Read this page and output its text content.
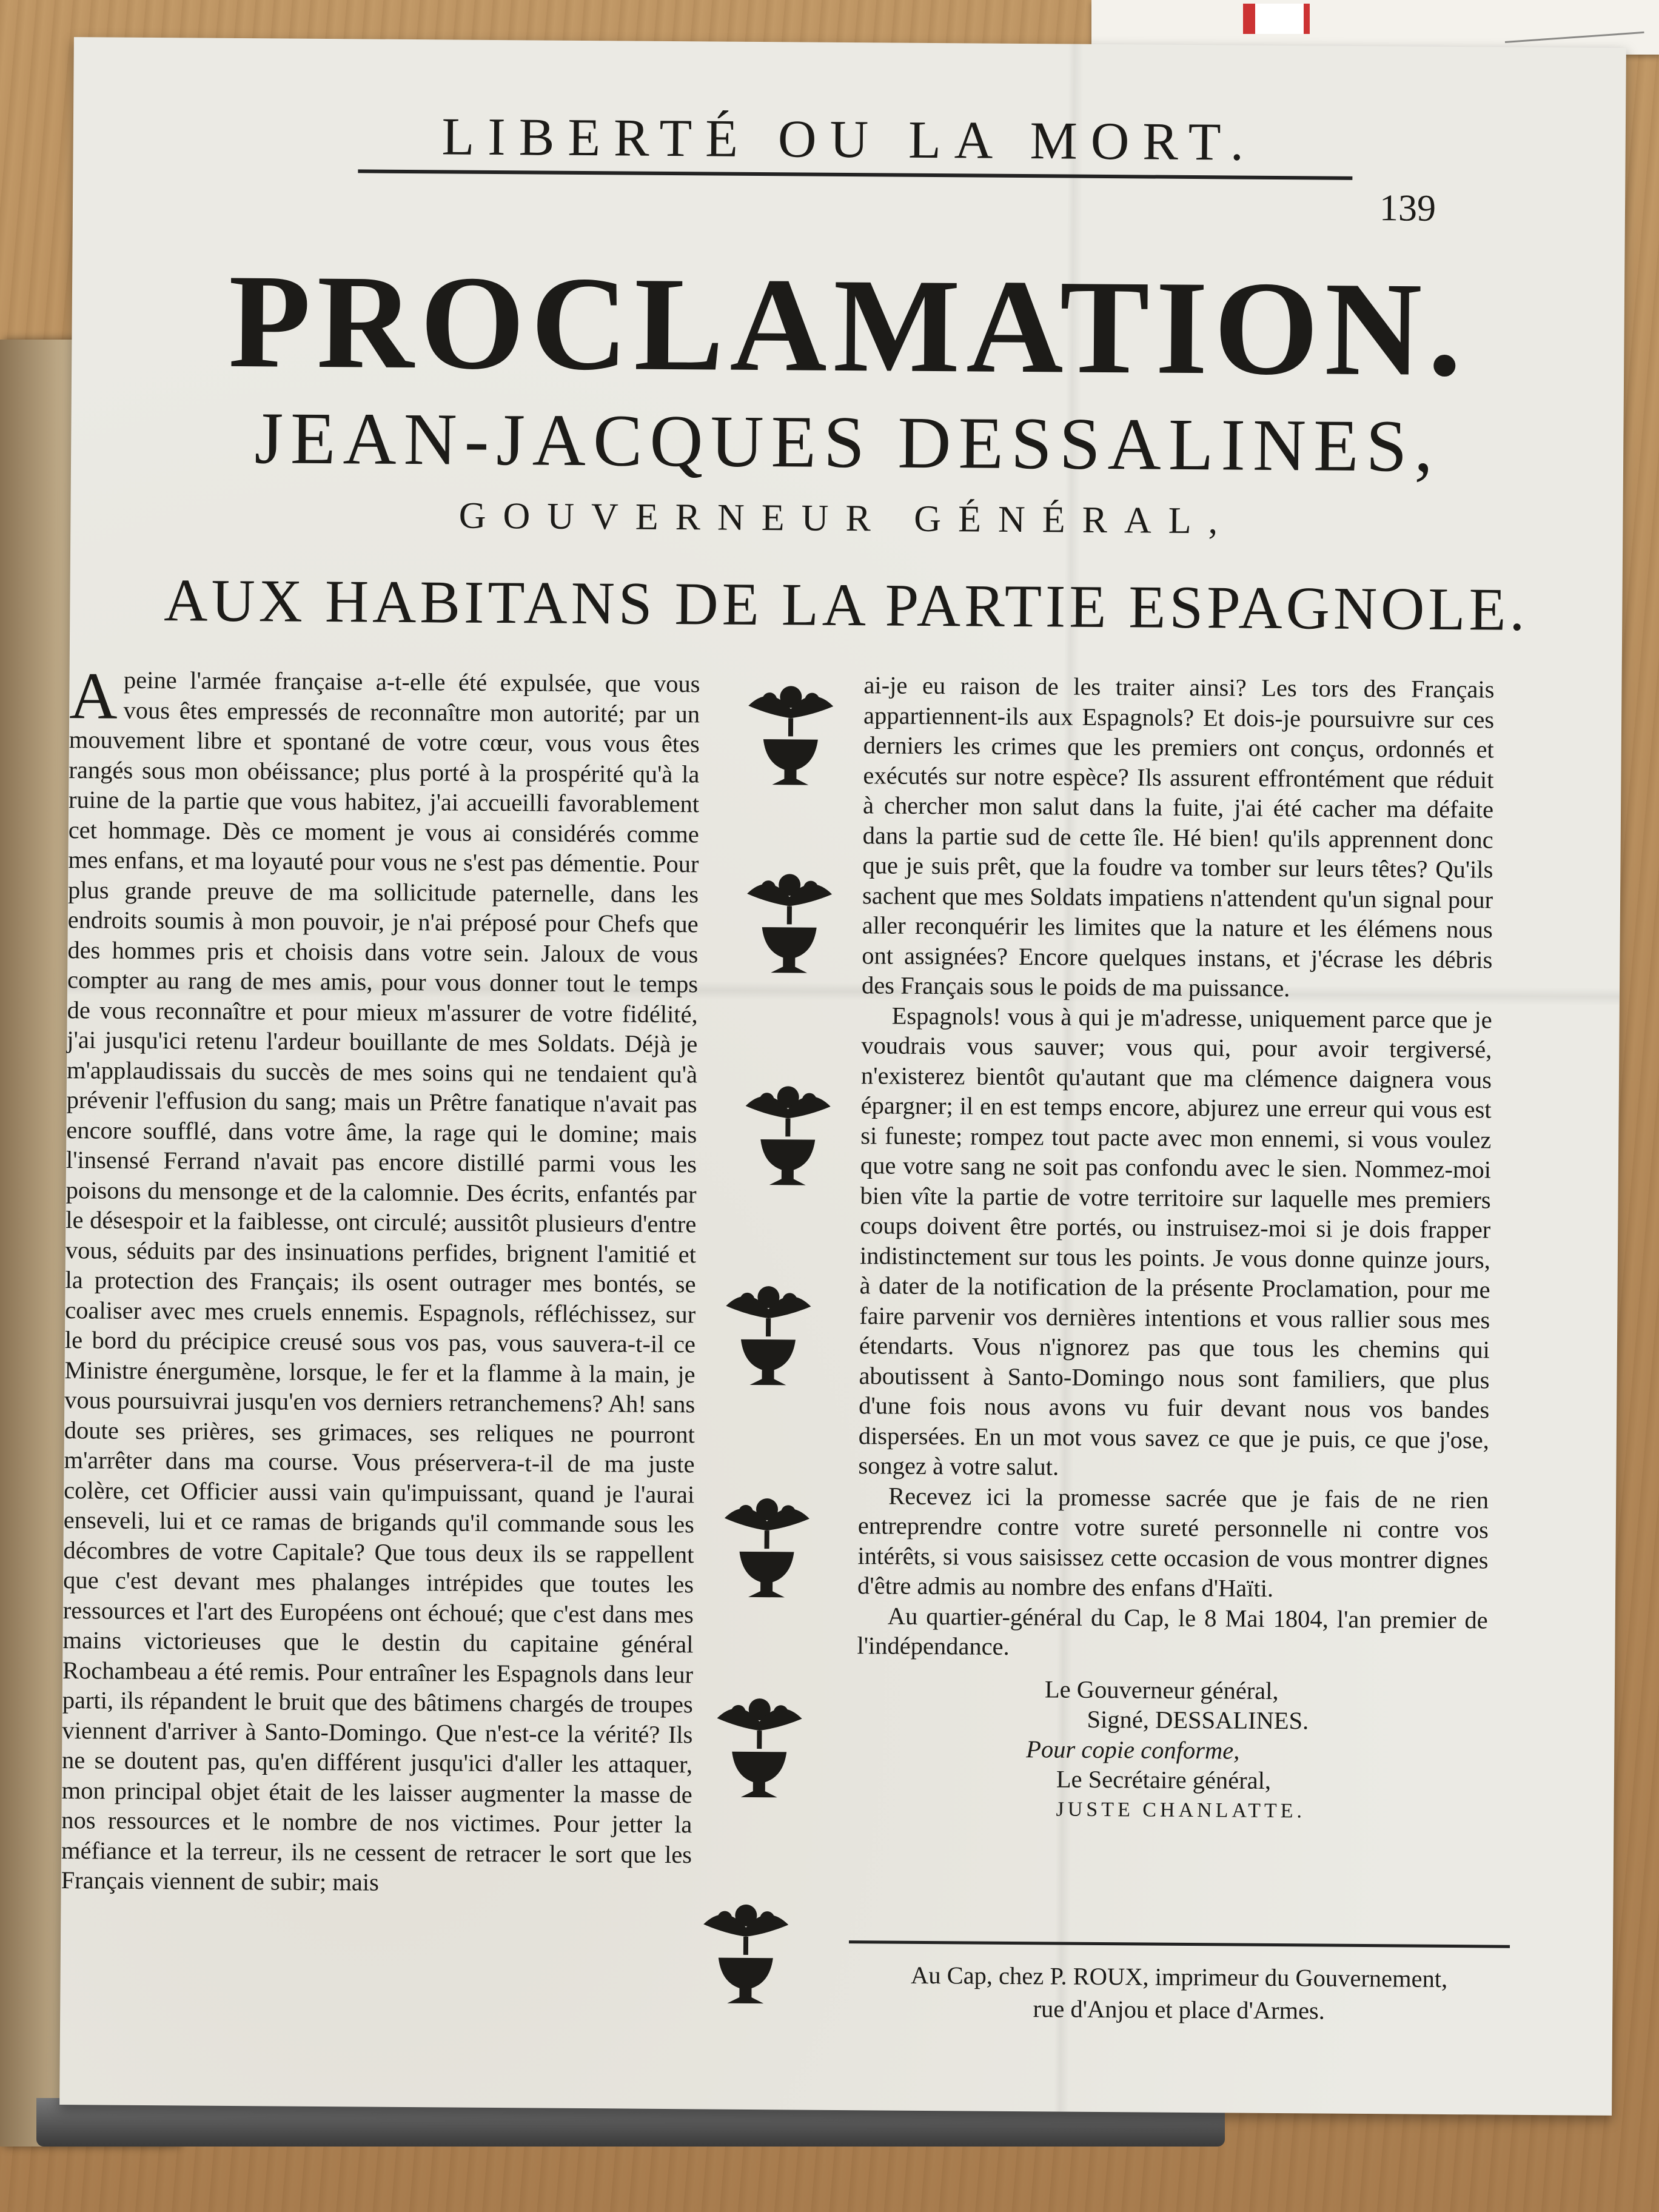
LIBERTÉ OU LA MORT.
139
PROCLAMATION.
JEAN-JACQUES DESSALINES,
GOUVERNEUR GÉNÉRAL,
AUX HABITANS DE LA PARTIE ESPAGNOLE.

Apeine l'armée française a-t-elle été expulsée, que vous vous êtes empressés de reconnaître mon autorité; par un mouvement libre et spontané de votre cœur, vous vous êtes rangés sous mon obéissance; plus porté à la prospérité qu'à la ruine de la partie que vous habitez, j'ai accueilli favorablement cet hommage. Dès ce moment je vous ai considérés comme mes enfans, et ma loyauté pour vous ne s'est pas démentie. Pour plus grande preuve de ma sollicitude paternelle, dans les endroits soumis à mon pouvoir, je n'ai préposé pour Chefs que des hommes pris et choisis dans votre sein. Jaloux de vous compter au rang de mes amis, pour vous donner tout le temps de vous reconnaître et pour mieux m'assurer de votre fidélité, j'ai jusqu'ici retenu l'ardeur bouillante de mes Soldats. Déjà je m'applaudissais du succès de mes soins qui ne tendaient qu'à prévenir l'effusion du sang; mais un Prêtre fanatique n'avait pas encore soufflé, dans votre âme, la rage qui le domine; mais l'insensé Ferrand n'avait pas encore distillé parmi vous les poisons du mensonge et de la calomnie. Des écrits, enfantés par le désespoir et la faiblesse, ont circulé; aussitôt plusieurs d'entre vous, séduits par des insinuations perfides, brignent l'amitié et la protection des Français; ils osent outrager mes bontés, se coaliser avec mes cruels ennemis. Espagnols, réfléchissez, sur le bord du précipice creusé sous vos pas, vous sauvera-t-il ce Ministre énergumène, lorsque, le fer et la flamme à la main, je vous poursuivrai jusqu'en vos derniers retranchemens? Ah! sans doute ses prières, ses grimaces, ses reliques ne pourront m'arrêter dans ma course. Vous préservera-t-il de ma juste colère, cet Officier aussi vain qu'impuissant, quand je l'aurai enseveli, lui et ce ramas de brigands qu'il commande sous les décombres de votre Capitale? Que tous deux ils se rappellent que c'est devant mes phalanges intrépides que toutes les ressources et l'art des Européens ont échoué; que c'est dans mes mains victorieuses que le destin du capitaine général Rochambeau a été remis. Pour entraîner les Espagnols dans leur parti, ils répandent le bruit que des bâtimens chargés de troupes viennent d'arriver à Santo-Domingo. Que n'est-ce la vérité? Ils ne se doutent pas, qu'en différent jusqu'ici d'aller les attaquer, mon principal objet était de les laisser augmenter la masse de nos ressources et le nombre de nos victimes. Pour jetter la méfiance et la terreur, ils ne cessent de retracer le sort que les Français viennent de subir; mais

ai-je eu raison de les traiter ainsi? Les tors des Français appartiennent-ils aux Espagnols? Et dois-je poursuivre sur ces derniers les crimes que les premiers ont conçus, ordonnés et exécutés sur notre espèce? Ils assurent effrontément que réduit à chercher mon salut dans la fuite, j'ai été cacher ma défaite dans la partie sud de cette île. Hé bien! qu'ils apprennent donc que je suis prêt, que la foudre va tomber sur leurs têtes? Qu'ils sachent que mes Soldats impatiens n'attendent qu'un signal pour aller reconquérir les limites que la nature et les élémens nous ont assignées? Encore quelques instans, et j'écrase les débris des Français sous le poids de ma puissance.

Espagnols! vous à qui je m'adresse, uniquement parce que je voudrais vous sauver; vous qui, pour avoir tergiversé, n'existerez bientôt qu'autant que ma clémence daignera vous épargner; il en est temps encore, abjurez une erreur qui vous est si funeste; rompez tout pacte avec mon ennemi, si vous voulez que votre sang ne soit pas confondu avec le sien. Nommez-moi bien vîte la partie de votre territoire sur laquelle mes premiers coups doivent être portés, ou instruisez-moi si je dois frapper indistinctement sur tous les points. Je vous donne quinze jours, à dater de la notification de la présente Proclamation, pour me faire parvenir vos dernières intentions et vous rallier sous mes étendarts. Vous n'ignorez pas que tous les chemins qui aboutissent à Santo-Domingo nous sont familiers, que plus d'une fois nous avons vu fuir devant nous vos bandes dispersées. En un mot vous savez ce que je puis, ce que j'ose, songez à votre salut.

Recevez ici la promesse sacrée que je fais de ne rien entreprendre contre votre sureté personnelle ni contre vos intérêts, si vous saisissez cette occasion de vous montrer dignes d'être admis au nombre des enfans d'Haïti.

Au quartier-général du Cap, le 8 Mai 1804, l'an premier de l'indépendance.

Le Gouverneur général,
Signé, DESSALINES.
Pour copie conforme,
Le Secrétaire général,
JUSTE CHANLATTE.
Au Cap, chez P. ROUX, imprimeur du Gouvernement,
rue d'Anjou et place d'Armes.
